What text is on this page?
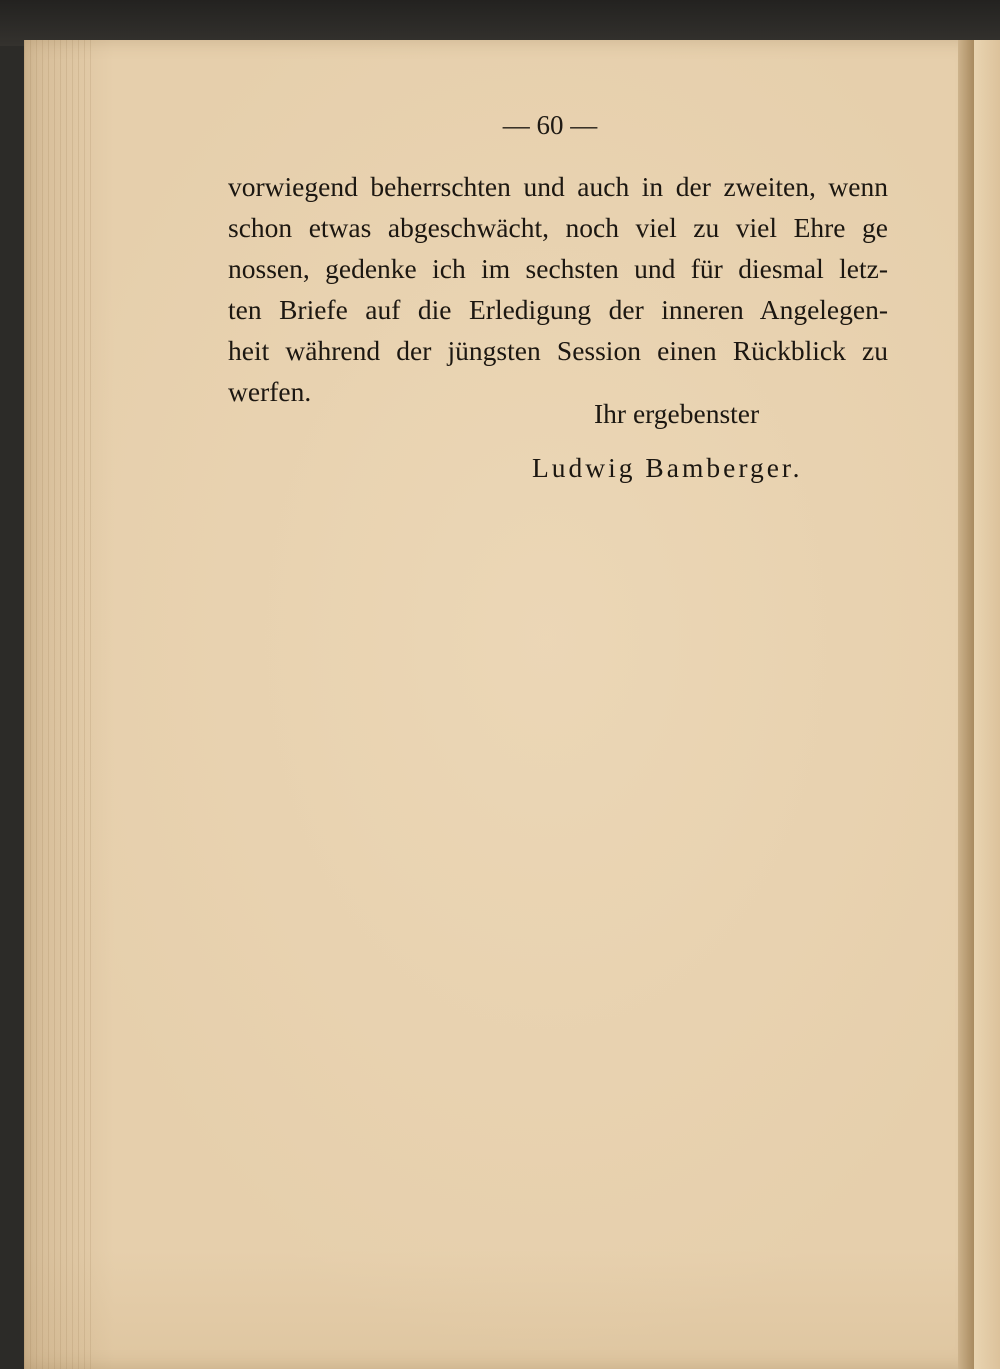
— 60 —
vorwiegend beherrschten und auch in der zweiten, wenn
schon etwas abgeschwächt, noch viel zu viel Ehre ge
nossen, gedenke ich im sechsten und für diesmal letz-
ten Briefe auf die Erledigung der inneren Angelegen-
heit während der jüngsten Session einen Rückblick zu
werfen.
Ihr ergebenster
Ludwig Bamberger.
